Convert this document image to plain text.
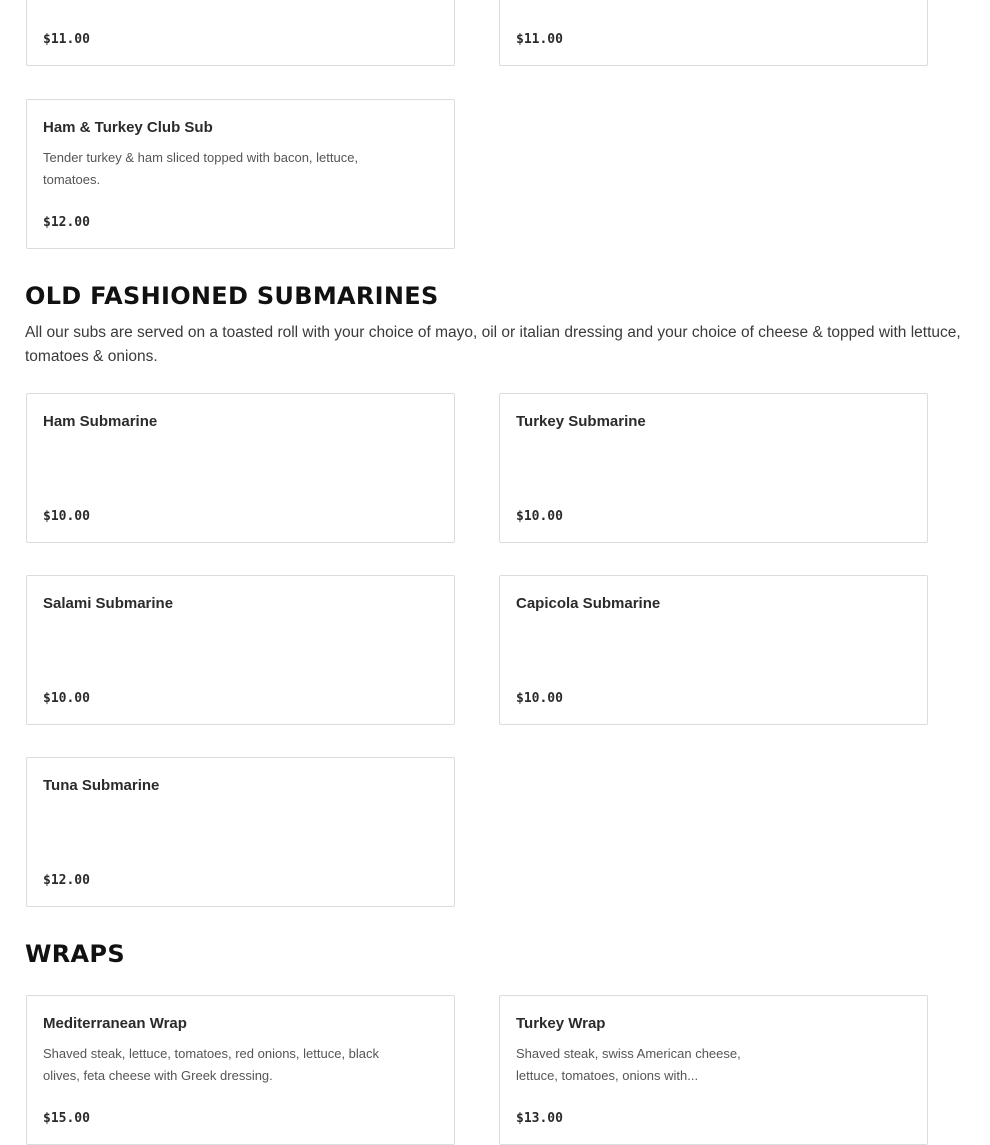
$11.00	$11.00
Ham & Turkey Club Sub
Tender turkey & ham sliced topped with bacon, lettuce, tomatoes.
$12.00
OLD FASHIONED SUBMARINES

All our subs are served on a toasted roll with your choice of mayo, oil or italian dressing and your choice of cheese & topped with lettuce, tomatoes & onions.

Ham Submarine
$10.00
Turkey Submarine
$10.00
Salami Submarine
$10.00
Capicola Submarine
$10.00
Tuna Submarine
$12.00
WRAPS
Mediterranean Wrap
Shaved steak, lettuce, tomatoes, red onions, lettuce, black olives, feta cheese with Greek dressing.
$15.00
Turkey Wrap
Shaved steak, swiss American cheese, lettuce, tomatoes, onions with...
$13.00
